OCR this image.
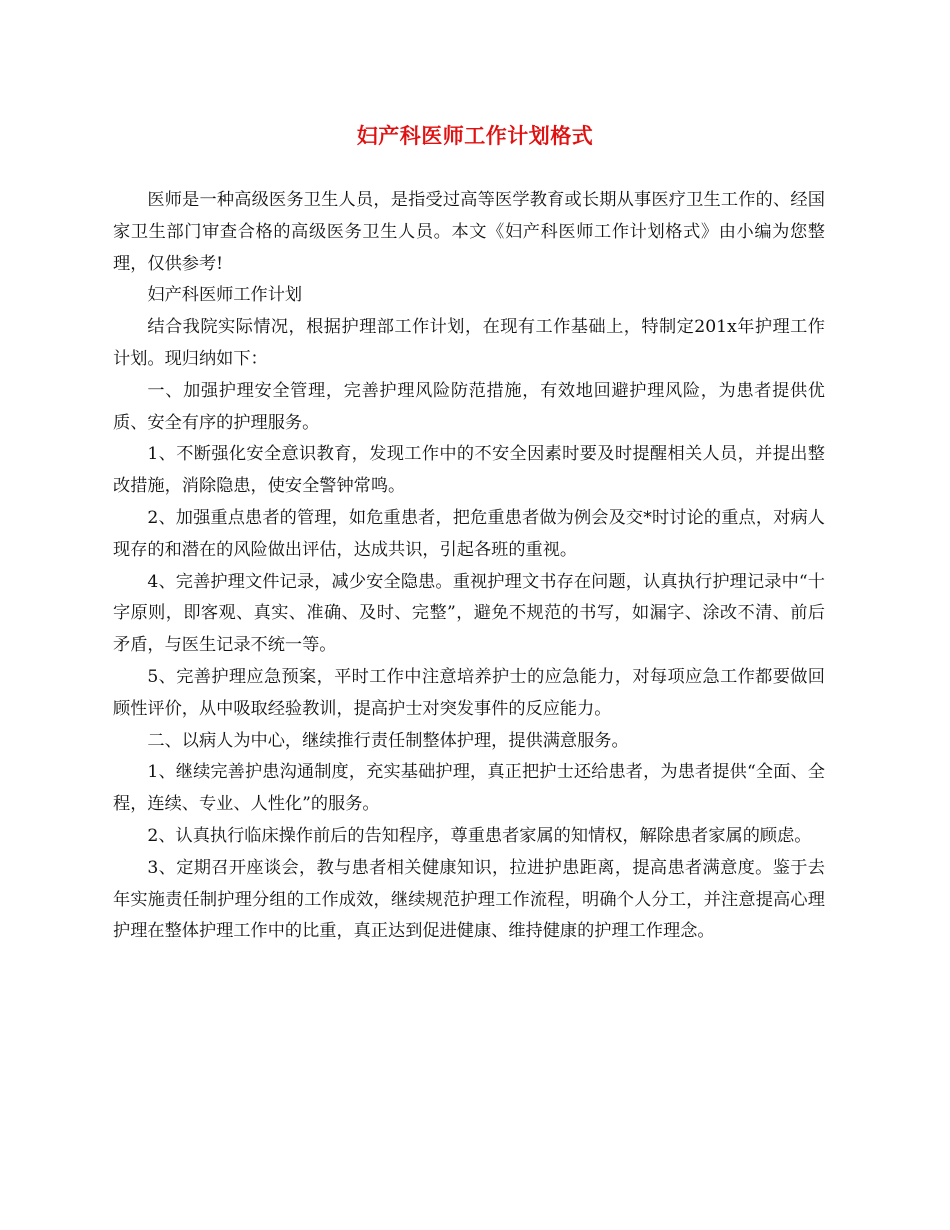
妇产科医师工作计划格式

医师是一种高级医务卫生人员，是指受过高等医学教育或长期从事医疗卫生工作的、经国家卫生部门审查合格的高级医务卫生人员。本文《妇产科医师工作计划格式》由小编为您整理，仅供参考!

妇产科医师工作计划

结合我院实际情况，根据护理部工作计划，在现有工作基础上，特制定201x年护理工作计划。现归纳如下：

一、加强护理安全管理，完善护理风险防范措施，有效地回避护理风险，为患者提供优质、安全有序的护理服务。

1、不断强化安全意识教育，发现工作中的不安全因素时要及时提醒相关人员，并提出整改措施，消除隐患，使安全警钟常鸣。

2、加强重点患者的管理，如危重患者，把危重患者做为例会及交*时讨论的重点，对病人现存的和潜在的风险做出评估，达成共识，引起各班的重视。

4、完善护理文件记录，减少安全隐患。重视护理文书存在问题，认真执行护理记录中“十字原则，即客观、真实、准确、及时、完整”，避免不规范的书写，如漏字、涂改不清、前后矛盾，与医生记录不统一等。

5、完善护理应急预案，平时工作中注意培养护士的应急能力，对每项应急工作都要做回顾性评价，从中吸取经验教训，提高护士对突发事件的反应能力。

二、以病人为中心，继续推行责任制整体护理，提供满意服务。

1、继续完善护患沟通制度，充实基础护理，真正把护士还给患者，为患者提供“全面、全程，连续、专业、人性化”的服务。

2、认真执行临床操作前后的告知程序，尊重患者家属的知情权，解除患者家属的顾虑。

3、定期召开座谈会，教与患者相关健康知识，拉进护患距离，提高患者满意度。鉴于去年实施责任制护理分组的工作成效，继续规范护理工作流程，明确个人分工，并注意提高心理护理在整体护理工作中的比重，真正达到促进健康、维持健康的护理工作理念。
